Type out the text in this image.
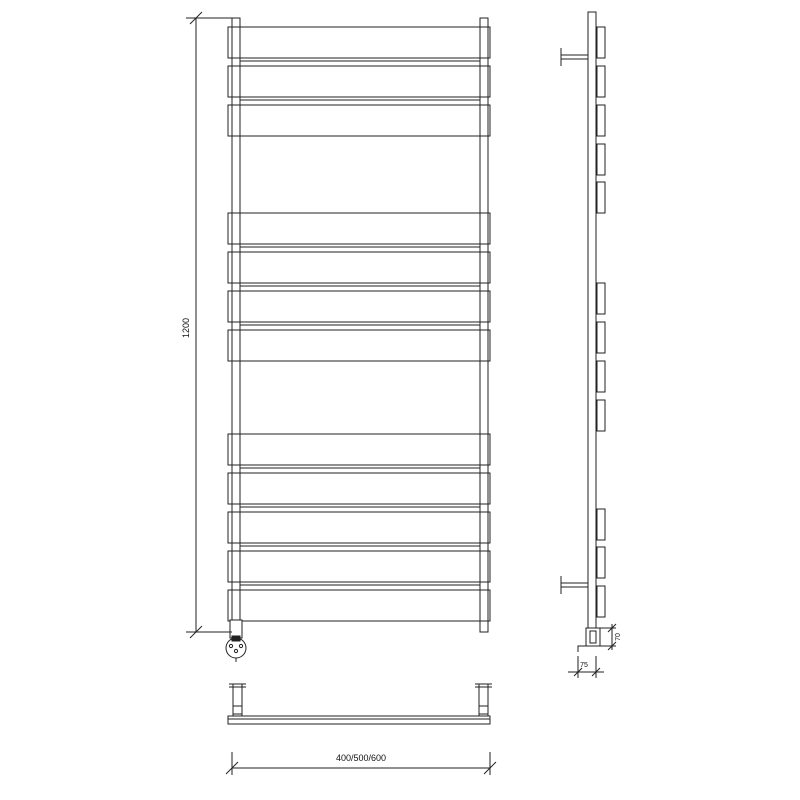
1200
400/500/600
70
75
